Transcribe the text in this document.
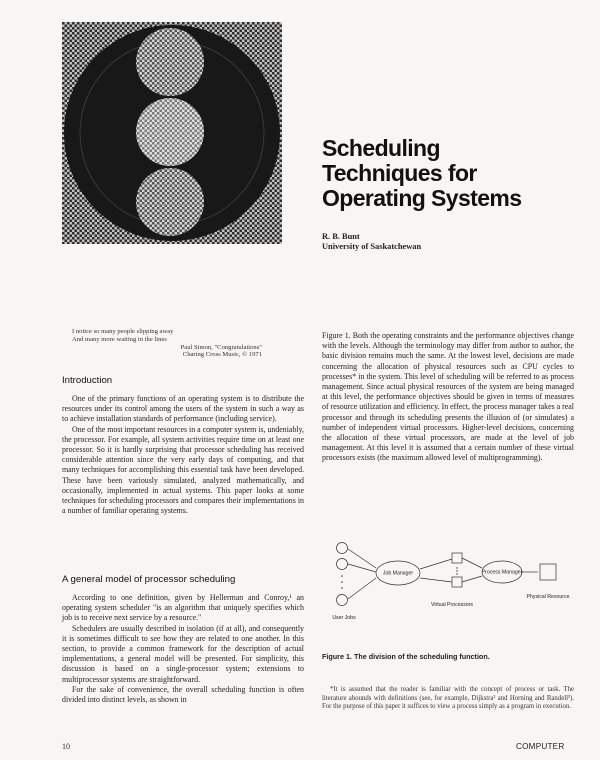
Scheduling
Techniques for
Operating Systems
R. B. Bunt
University of Saskatchewan
I notice so many people slipping away
And many more waiting in the lines
Paul Simon, "Congratulations"
Charing Cross Music, © 1971
Introduction

One of the primary functions of an operating system is to distribute the resources under its control among the users of the system in such a way as to achieve installation standards of performance (including service).

One of the most important resources in a computer system is, undeniably, the processor. For example, all system activities require time on at least one processor. So it is hardly surprising that processor scheduling has received considerable attention since the very early days of computing, and that many techniques for accomplishing this essential task have been developed. These have been variously simulated, analyzed mathematically, and occasionally, implemented in actual systems. This paper looks at some techniques for scheduling processors and compares their implementations in a number of familiar operating systems.

A general model of processor scheduling

According to one definition, given by Hellerman and Conroy,¹ an operating system scheduler "is an algorithm that uniquely specifies which job is to receive next service by a resource."

Schedulers are usually described in isolation (if at all), and consequently it is sometimes difficult to see how they are related to one another. In this section, to provide a common framework for the description of actual implementations, a general model will be presented. For simplicity, this discussion is based on a single-processor system; extensions to multiprocessor systems are straightforward.

For the sake of convenience, the overall scheduling function is often divided into distinct levels, as shown in

Figure 1. Both the operating constraints and the performance objectives change with the levels. Although the terminology may differ from author to author, the basic division remains much the same. At the lowest level, decisions are made concerning the allocation of physical resources such as CPU cycles to processes* in the system. This level of scheduling will be referred to as process management. Since actual physical resources of the system are being managed at this level, the performance objectives should be given in terms of measures of resource utilization and efficiency. In effect, the process manager takes a real processor and through its scheduling presents the illusion of (or simulates) a number of independent virtual processors. Higher-level decisions, concerning the allocation of these virtual processors, are made at the level of job management. At this level it is assumed that a certain number of these virtual processors exists (the maximum allowed level of multiprogramming).

Job Manager	Process Manager
Physical Resource
Virtual Processors
User Jobs
Figure 1. The division of the scheduling function.

*It is assumed that the reader is familiar with the concept of process or task. The literature abounds with definitions (see, for example, Dijkstra² and Horning and Randell³). For the purpose of this paper it suffices to view a process simply as a program in execution.

10	COMPUTER
